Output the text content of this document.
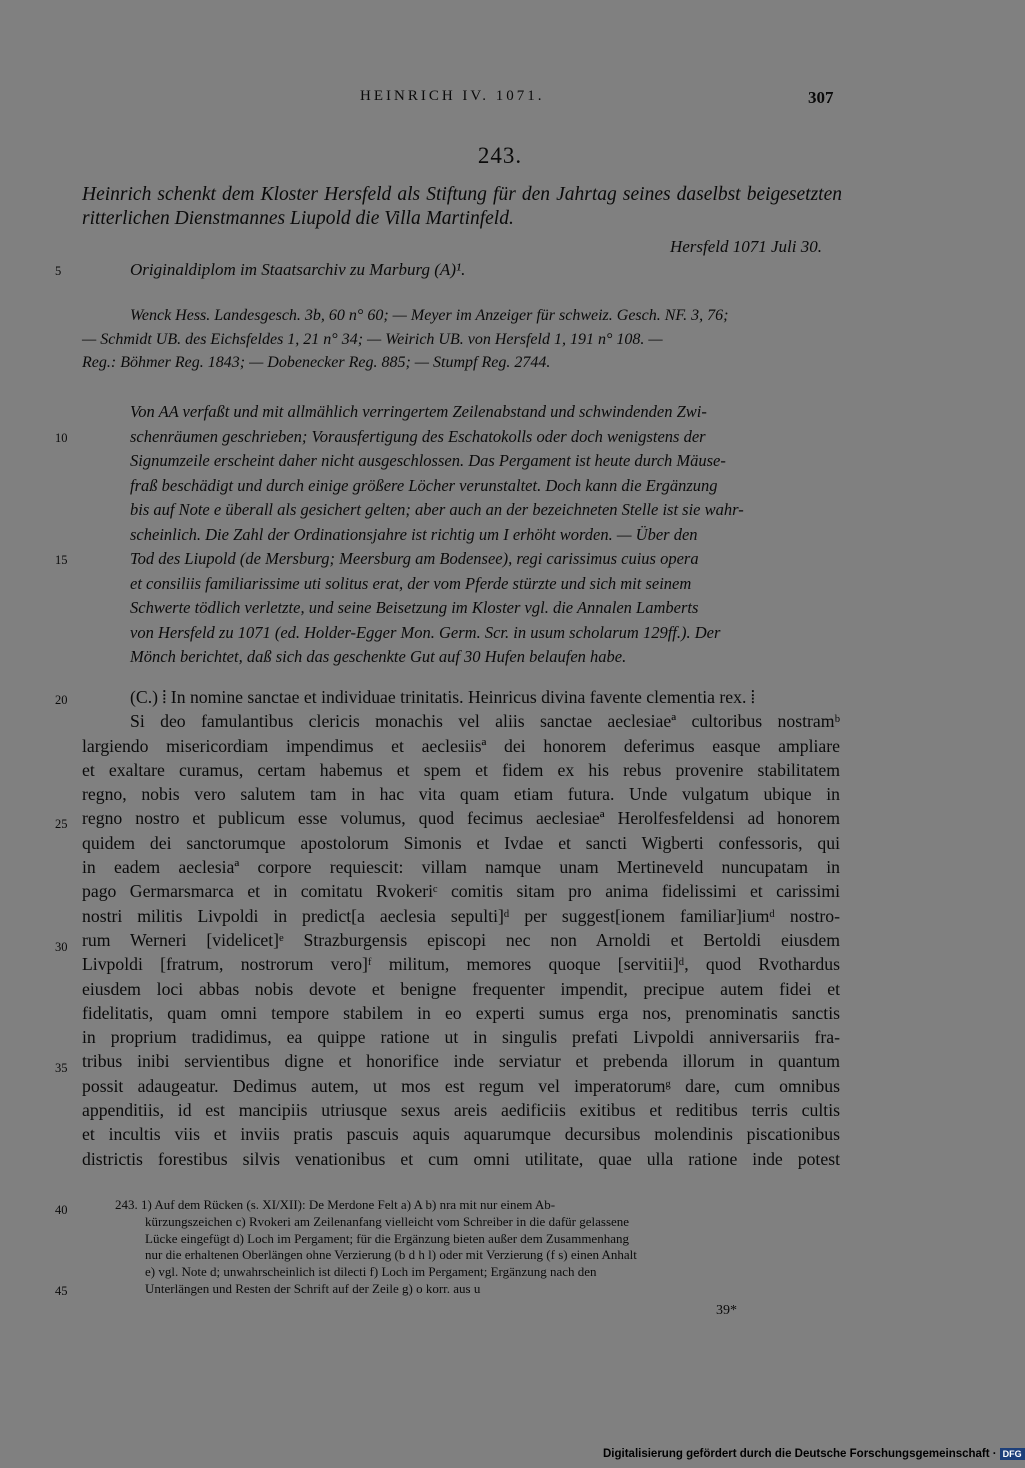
HEINRICH IV. 1071.	307
243.
Heinrich schenkt dem Kloster Hersfeld als Stiftung für den Jahrtag seines daselbst beigesetzten ritterlichen Dienstmannes Liupold die Villa Martinfeld.
Hersfeld 1071 Juli 30.
5
10
15
20
25
30
35
40
45
Originaldiplom im Staatsarchiv zu Marburg (A)¹.
Wenck Hess. Landesgesch. 3b, 60 n° 60; — Meyer im Anzeiger für schweiz. Gesch. NF. 3, 76;
— Schmidt UB. des Eichsfeldes 1, 21 n° 34; — Weirich UB. von Hersfeld 1, 191 n° 108. —
Reg.: Böhmer Reg. 1843; — Dobenecker Reg. 885; — Stumpf Reg. 2744.
Von AA verfaßt und mit allmählich verringertem Zeilenabstand und schwindenden Zwi-
schenräumen geschrieben; Vorausfertigung des Eschatokolls oder doch wenigstens der
Signumzeile erscheint daher nicht ausgeschlossen. Das Pergament ist heute durch Mäuse-
fraß beschädigt und durch einige größere Löcher verunstaltet. Doch kann die Ergänzung
bis auf Note e überall als gesichert gelten; aber auch an der bezeichneten Stelle ist sie wahr-
scheinlich. Die Zahl der Ordinationsjahre ist richtig um I erhöht worden. — Über den
Tod des Liupold (de Mersburg; Meersburg am Bodensee), regi carissimus cuius opera
et consiliis familiarissime uti solitus erat, der vom Pferde stürzte und sich mit seinem
Schwerte tödlich verletzte, und seine Beisetzung im Kloster vgl. die Annalen Lamberts
von Hersfeld zu 1071 (ed. Holder-Egger Mon. Germ. Scr. in usum scholarum 129ff.). Der
Mönch berichtet, daß sich das geschenkte Gut auf 30 Hufen belaufen habe.
(C.) ⦙ In nomine sanctae et individuae trinitatis. Heinricus divina favente clementia rex. ⦙
Si deo famulantibus clericis monachis vel aliis sanctae aeclesiaeª cultoribus nostramᵇ
largiendo misericordiam impendimus et aeclesiisª dei honorem deferimus easque ampliare
et exaltare curamus, certam habemus et spem et fidem ex his rebus provenire stabilitatem
regno, nobis vero salutem tam in hac vita quam etiam futura. Unde vulgatum ubique in
regno nostro et publicum esse volumus, quod fecimus aeclesiaeª Herolfesfeldensi ad honorem
quidem dei sanctorumque apostolorum Simonis et Ivdae et sancti Wigberti confessoris, qui
in eadem aeclesiaª corpore requiescit: villam namque unam Mertineveld nuncupatam in
pago Germarsmarca et in comitatu Rvokeriᶜ comitis sitam pro anima fidelissimi et carissimi
nostri militis Livpoldi in predict[a aeclesia sepulti]ᵈ per suggest[ionem familiar]iumᵈ nostro-
rum Werneri [videlicet]ᵉ Strazburgensis episcopi nec non Arnoldi et Bertoldi eiusdem
Livpoldi [fratrum, nostrorum vero]ᶠ militum, memores quoque [servitii]ᵈ, quod Rvothardus
eiusdem loci abbas nobis devote et benigne frequenter impendit, precipue autem fidei et
fidelitatis, quam omni tempore stabilem in eo experti sumus erga nos, prenominatis sanctis
in proprium tradidimus, ea quippe ratione ut in singulis prefati Livpoldi anniversariis fra-
tribus inibi servientibus digne et honorifice inde serviatur et prebenda illorum in quantum
possit adaugeatur. Dedimus autem, ut mos est regum vel imperatorumᵍ dare, cum omnibus
appenditiis, id est mancipiis utriusque sexus areis aedificiis exitibus et reditibus terris cultis
et incultis viis et inviis pratis pascuis aquis aquarumque decursibus molendinis piscationibus
districtis forestibus silvis venationibus et cum omni utilitate, quae ulla ratione inde potest
243. 1) Auf dem Rücken (s. XI/XII): De Merdone Felt a) A b) nra mit nur einem Ab-
kürzungszeichen c) Rvokeri am Zeilenanfang vielleicht vom Schreiber in die dafür gelassene
Lücke eingefügt d) Loch im Pergament; für die Ergänzung bieten außer dem Zusammenhang
nur die erhaltenen Oberlängen ohne Verzierung (b d h l) oder mit Verzierung (f s) einen Anhalt
e) vgl. Note d; unwahrscheinlich ist dilecti f) Loch im Pergament; Ergänzung nach den
Unterlängen und Resten der Schrift auf der Zeile g) o korr. aus u
39*
Digitalisierung gefördert durch die Deutsche Forschungsgemeinschaft · DFG
